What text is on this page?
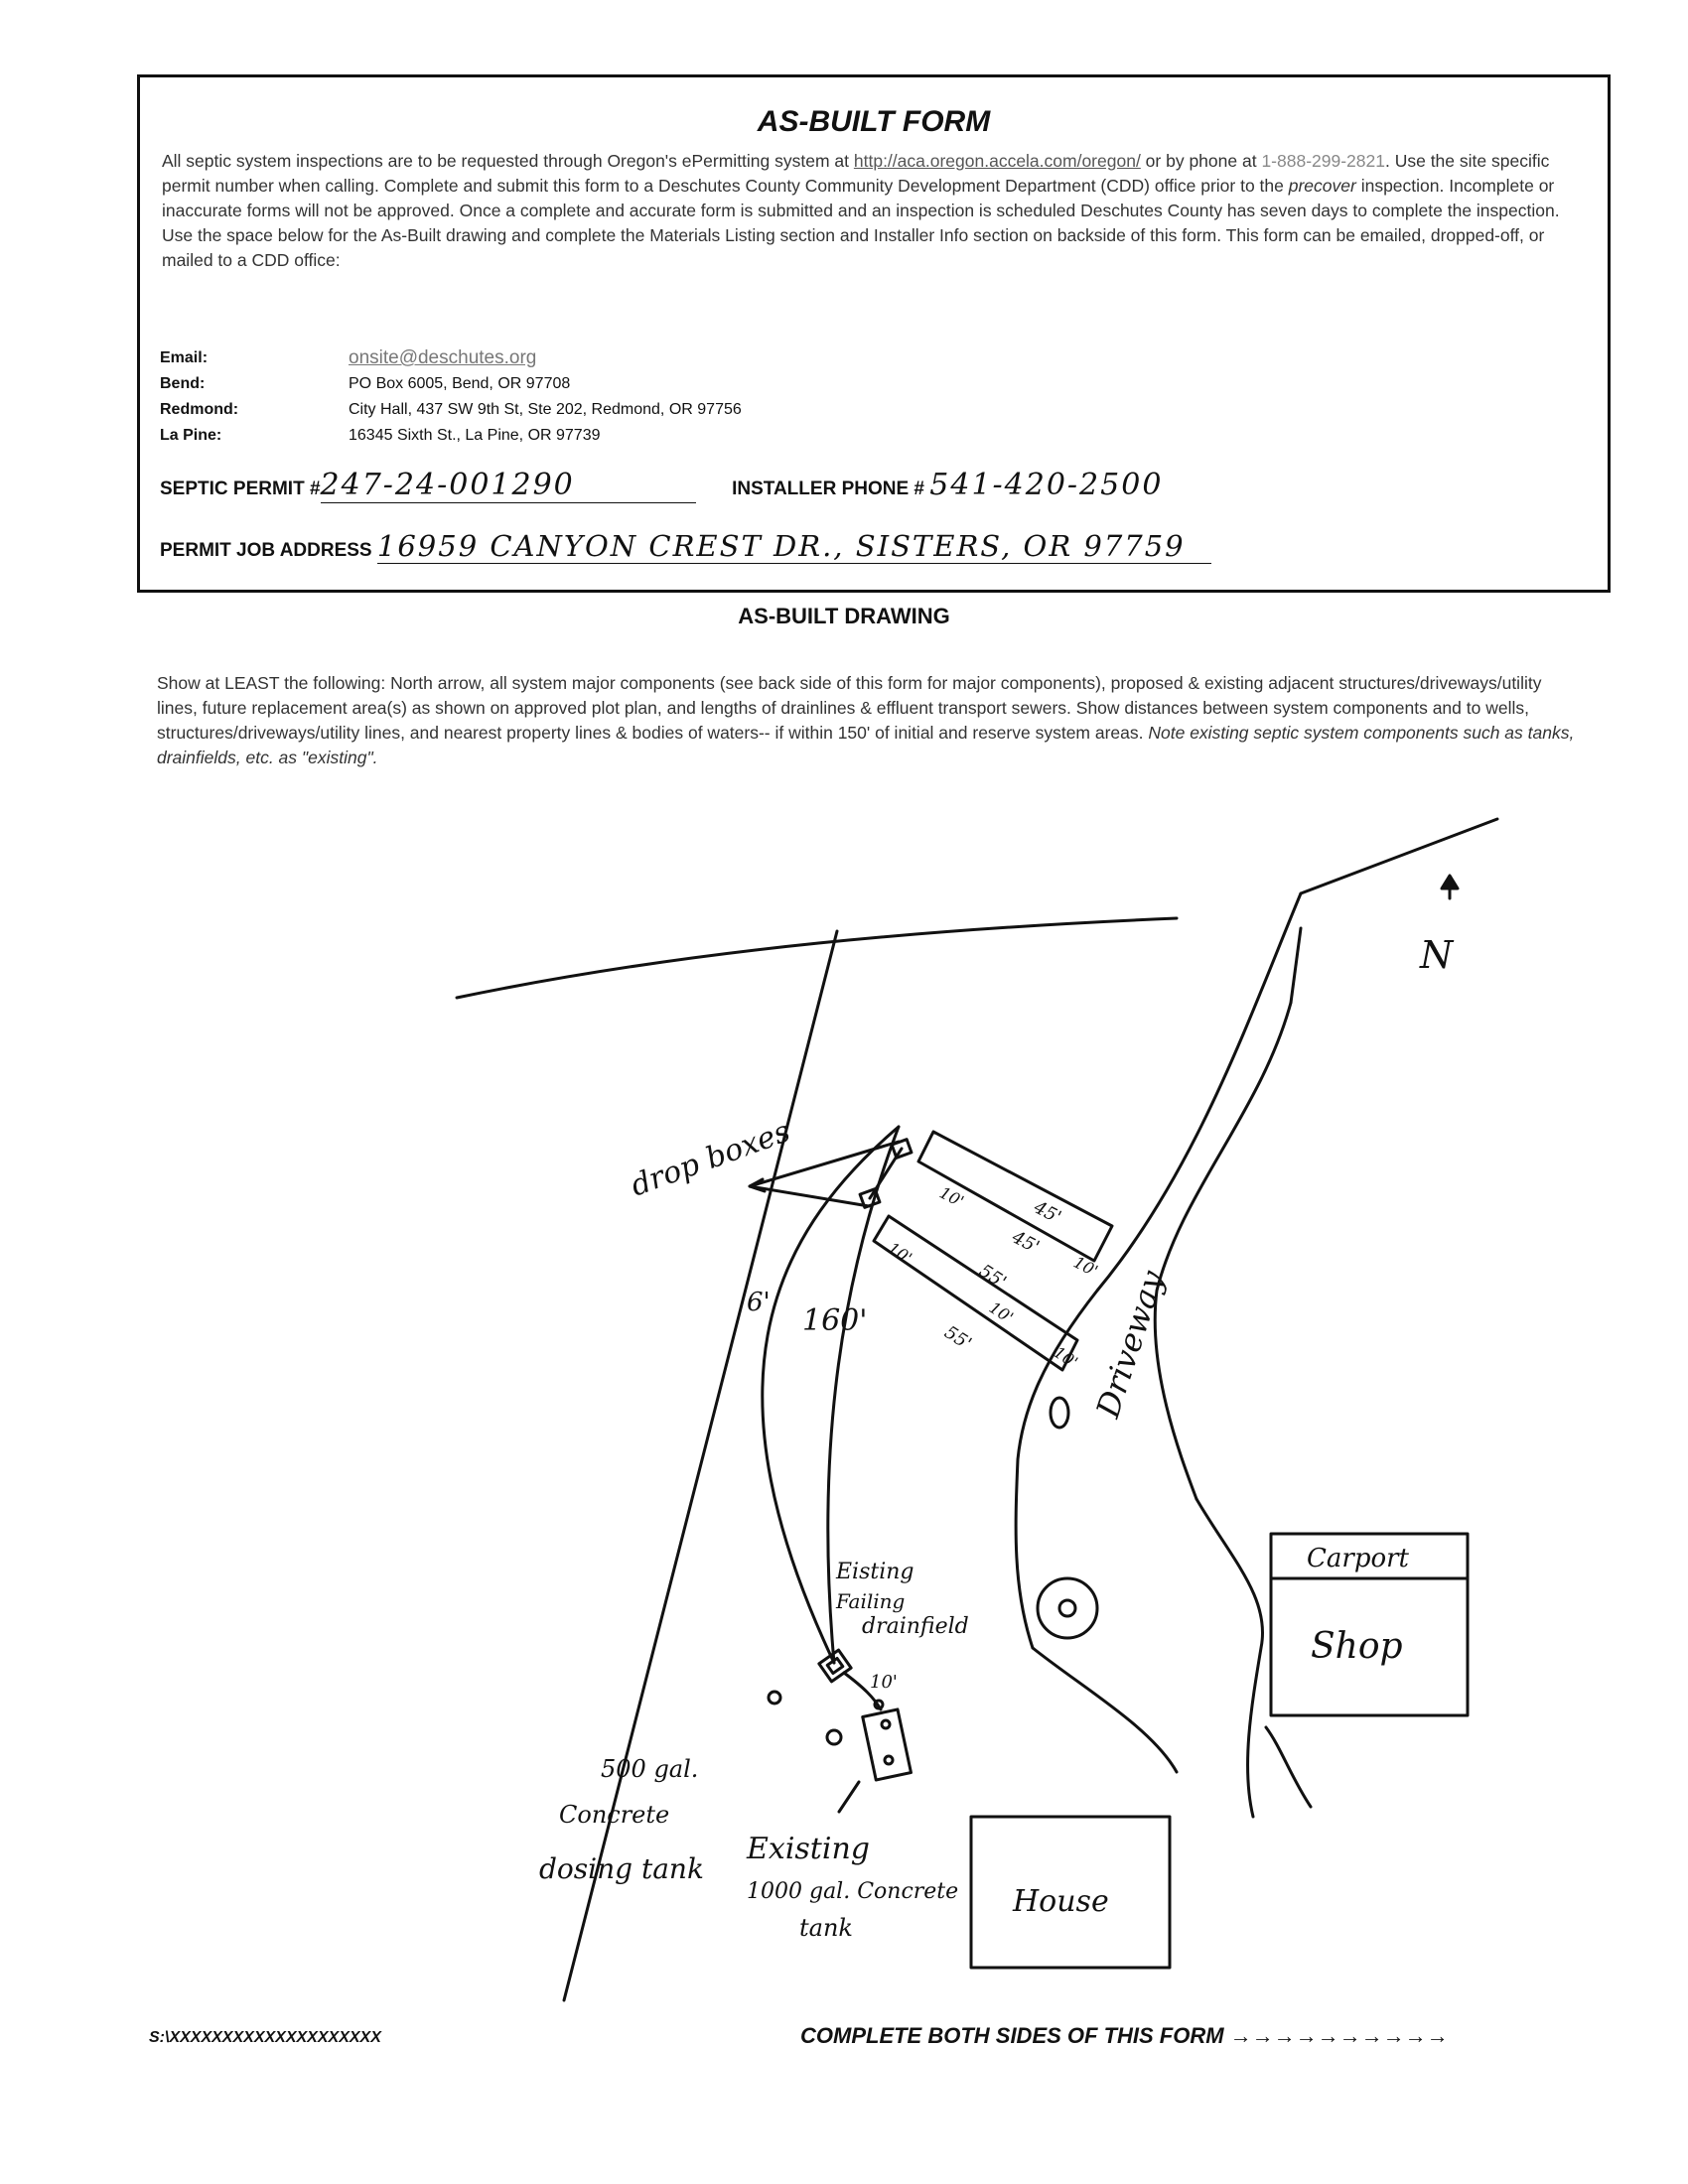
AS-BUILT FORM
All septic system inspections are to be requested through Oregon's ePermitting system at http://aca.oregon.accela.com/oregon/ or by phone at 1-888-299-2821. Use the site specific permit number when calling. Complete and submit this form to a Deschutes County Community Development Department (CDD) office prior to the precover inspection. Incomplete or inaccurate forms will not be approved. Once a complete and accurate form is submitted and an inspection is scheduled Deschutes County has seven days to complete the inspection. Use the space below for the As-Built drawing and complete the Materials Listing section and Installer Info section on backside of this form. This form can be emailed, dropped-off, or mailed to a CDD office:
Email:	onsite@deschutes.org
Bend:	PO Box 6005, Bend, OR 97708
Redmond:	City Hall, 437 SW 9th St, Ste 202, Redmond, OR 97756
La Pine:	16345 Sixth St., La Pine, OR 97739
SEPTIC PERMIT #247-24-001290	INSTALLER PHONE # 541-420-2500
PERMIT JOB ADDRESS 16959 CANYON CREST DR., SISTERS, OR 97759
AS-BUILT DRAWING
Show at LEAST the following: North arrow, all system major components (see back side of this form for major components), proposed & existing adjacent structures/driveways/utility lines, future replacement area(s) as shown on approved plot plan, and lengths of drainlines & effluent transport sewers. Show distances between system components and to wells, structures/driveways/utility lines, and nearest property lines & bodies of waters-- if within 150' of initial and reserve system areas. Note existing septic system components such as tanks, drainfields, etc. as "existing".
N
drop boxes	10'
45'
45'
10'
10'
55'
10'
55'
10'
6'
160'	Driveway
Carport
Shop
Eisting
Failing
drainfield
10'
500 gal.
Concrete
dosing tank
Existing
1000 gal. Concrete
tank
House
S:\XXXXXXXXXXXXXXXXXXXX	COMPLETE BOTH SIDES OF THIS FORM →→→→→→→→→→
